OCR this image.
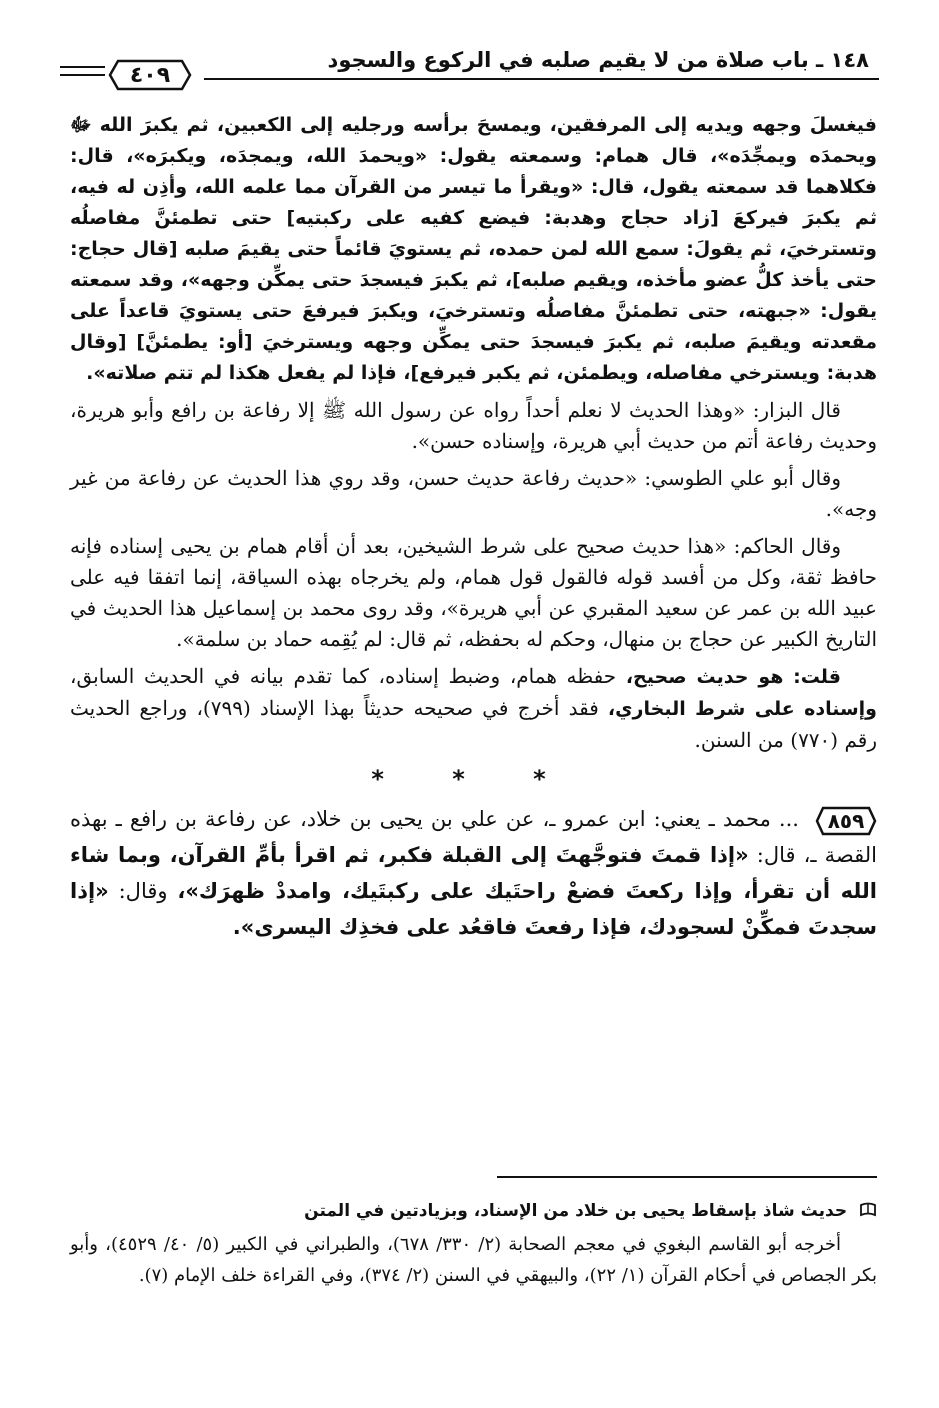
١٤٨ ـ باب صلاة من لا يقيم صلبه في الركوع والسجود
٤٠٩

فيغسلَ وجهه ويديه إلى المرفقين، ويمسحَ برأسه ورجليه إلى الكعبين، ثم يكبرَ الله ﷻ ويحمدَه ويمجِّدَه»، قال همام: وسمعته يقول: «ويحمدَ الله، ويمجدَه، ويكبرَه»، قال: فكلاهما قد سمعته يقول، قال: «ويقرأ ما تيسر من القرآن مما علمه الله، وأذِن له فيه، ثم يكبرَ فيركعَ [زاد حجاج وهدبة: فيضع كفيه على ركبتيه] حتى تطمئنَّ مفاصلُه وتسترخيَ، ثم يقولَ: سمع الله لمن حمده، ثم يستويَ قائماً حتى يقيمَ صلبه [قال حجاج: حتى يأخذ كلُّ عضو مأخذه، ويقيم صلبه]، ثم يكبرَ فيسجدَ حتى يمكِّن وجهه»، وقد سمعته يقول: «جبهته، حتى تطمئنَّ مفاصلُه وتسترخيَ، ويكبرَ فيرفعَ حتى يستويَ قاعداً على مقعدته ويقيمَ صلبه، ثم يكبرَ فيسجدَ حتى يمكِّن وجهه ويسترخيَ [أو: يطمئنَّ] [وقال هدبة: ويسترخي مفاصله، ويطمئن، ثم يكبر فيرفع]، فإذا لم يفعل هكذا لم تتم صلاته».

قال البزار: «وهذا الحديث لا نعلم أحداً رواه عن رسول الله ﷺ إلا رفاعة بن رافع وأبو هريرة، وحديث رفاعة أتم من حديث أبي هريرة، وإسناده حسن».

وقال أبو علي الطوسي: «حديث رفاعة حديث حسن، وقد روي هذا الحديث عن رفاعة من غير وجه».

وقال الحاكم: «هذا حديث صحيح على شرط الشيخين، بعد أن أقام همام بن يحيى إسناده فإنه حافظ ثقة، وكل من أفسد قوله فالقول قول همام، ولم يخرجاه بهذه السياقة، إنما اتفقا فيه على عبيد الله بن عمر عن سعيد المقبري عن أبي هريرة»، وقد روى محمد بن إسماعيل هذا الحديث في التاريخ الكبير عن حجاج بن منهال، وحكم له بحفظه، ثم قال: لم يُقِمه حماد بن سلمة».

قلت: هو حديث صحيح، حفظه همام، وضبط إسناده، كما تقدم بيانه في الحديث السابق، وإسناده على شرط البخاري، فقد أخرج في صحيحه حديثاً بهذا الإسناد (٧٩٩)، وراجع الحديث رقم (٧٧٠) من السنن.

* * *

٨٥٩
... محمد ـ يعني: ابن عمرو ـ، عن علي بن يحيى بن خلاد، عن رفاعة بن رافع ـ بهذه القصة ـ، قال: «إذا قمتَ فتوجَّهتَ إلى القبلة فكبر، ثم اقرأ بأمِّ القرآن، وبما شاء الله أن تقرأ، وإذا ركعتَ فضعْ راحتَيك على ركبتَيك، وامددْ ظهرَك»، وقال: «إذا سجدتَ فمكِّنْ لسجودك، فإذا رفعتَ فاقعُد على فخذِك اليسرى».

حديث شاذ بإسقاط يحيى بن خلاد من الإسناد، وبزيادتين في المتن

أخرجه أبو القاسم البغوي في معجم الصحابة (٢/ ٣٣٠/ ٦٧٨)، والطبراني في الكبير (٥/ ٤٠/ ٤٥٢٩)، وأبو بكر الجصاص في أحكام القرآن (١/ ٢٢)، والبيهقي في السنن (٢/ ٣٧٤)، وفي القراءة خلف الإمام (٧).
